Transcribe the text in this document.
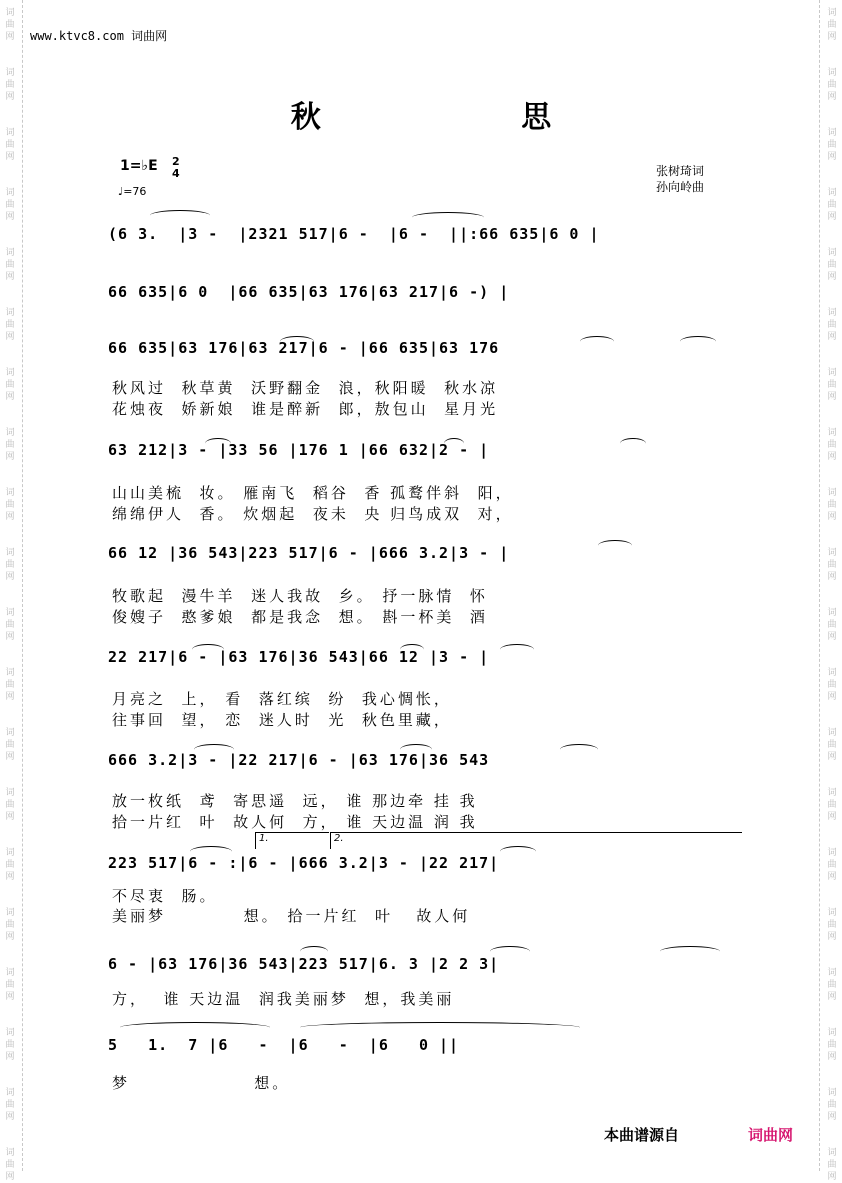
词
曲
网
词
曲
网
词
曲
网
词
曲
网
词
曲
网
词
曲
网
词
曲
网
词
曲
网
词
曲
网
词
曲
网
词
曲
网
词
曲
网
词
曲
网
词
曲
网
词
曲
网
词
曲
网
词
曲
网
词
曲
网
词
曲
网
词
曲
网
词
曲
网
词
曲
网
词
曲
网
词
曲
网
词
曲
网
词
曲
网
词
曲
网
词
曲
网
词
曲
网
词
曲
网
词
曲
网
词
曲
网
词
曲
网
词
曲
网
词
曲
网
词
曲
网
词
曲
网
词
曲
网
词
曲
网
词
曲
网
www.ktvc8.com 词曲网
秋 思
1=♭E 2
4
♩=76
张树琦词
孙向岭曲
(6 3.  |3 -  |2321 517|6 -  |6 -  ||:66 635|6 0 |
66 635|6 0  |66 635|63 176|63 217|6 -) |
66 635|63 176|63 217|6 - |66 635|63 176
63 212|3 - |33 56 |176 1 |66 632|2 - |
66 12 |36 543|223 517|6 - |666 3.2|3 - |
22 217|6 - |63 176|36 543|66 12 |3 - |
666 3.2|3 - |22 217|6 - |63 176|36 543
223 517|6 - :|6 - |666 3.2|3 - |22 217|
6 - |63 176|36 543|223 517|6. 3 |2 2 3|
5   1.  7 |6   -  |6   -  |6   0 ||
秋风过  秋草黄  沃野翻金  浪，秋阳暖  秋水凉
花烛夜  娇新娘  谁是醉新  郎，敖包山  星月光
山山美梳  妆。 雁南飞  稻谷  香 孤鹜伴斜  阳，
绵绵伊人  香。 炊烟起  夜未  央 归鸟成双  对，
牧歌起  漫牛羊  迷人我故  乡。 抒一脉情  怀
俊嫂子  憨爹娘  都是我念  想。 斟一杯美  酒
月亮之  上， 看  落红缤  纷  我心惆怅，
往事回  望， 恋  迷人时  光  秋色里藏，
放一枚纸  鸢  寄思遥  远， 谁 那边牵 挂 我
拾一片红  叶  故人何  方， 谁 天边温 润 我
不尽衷  肠。
美丽梦          想。 拾一片红  叶   故人何
方，  谁 天边温  润我美丽梦  想，我美丽
梦                想。
1.	2.
本曲谱源自	词曲网
